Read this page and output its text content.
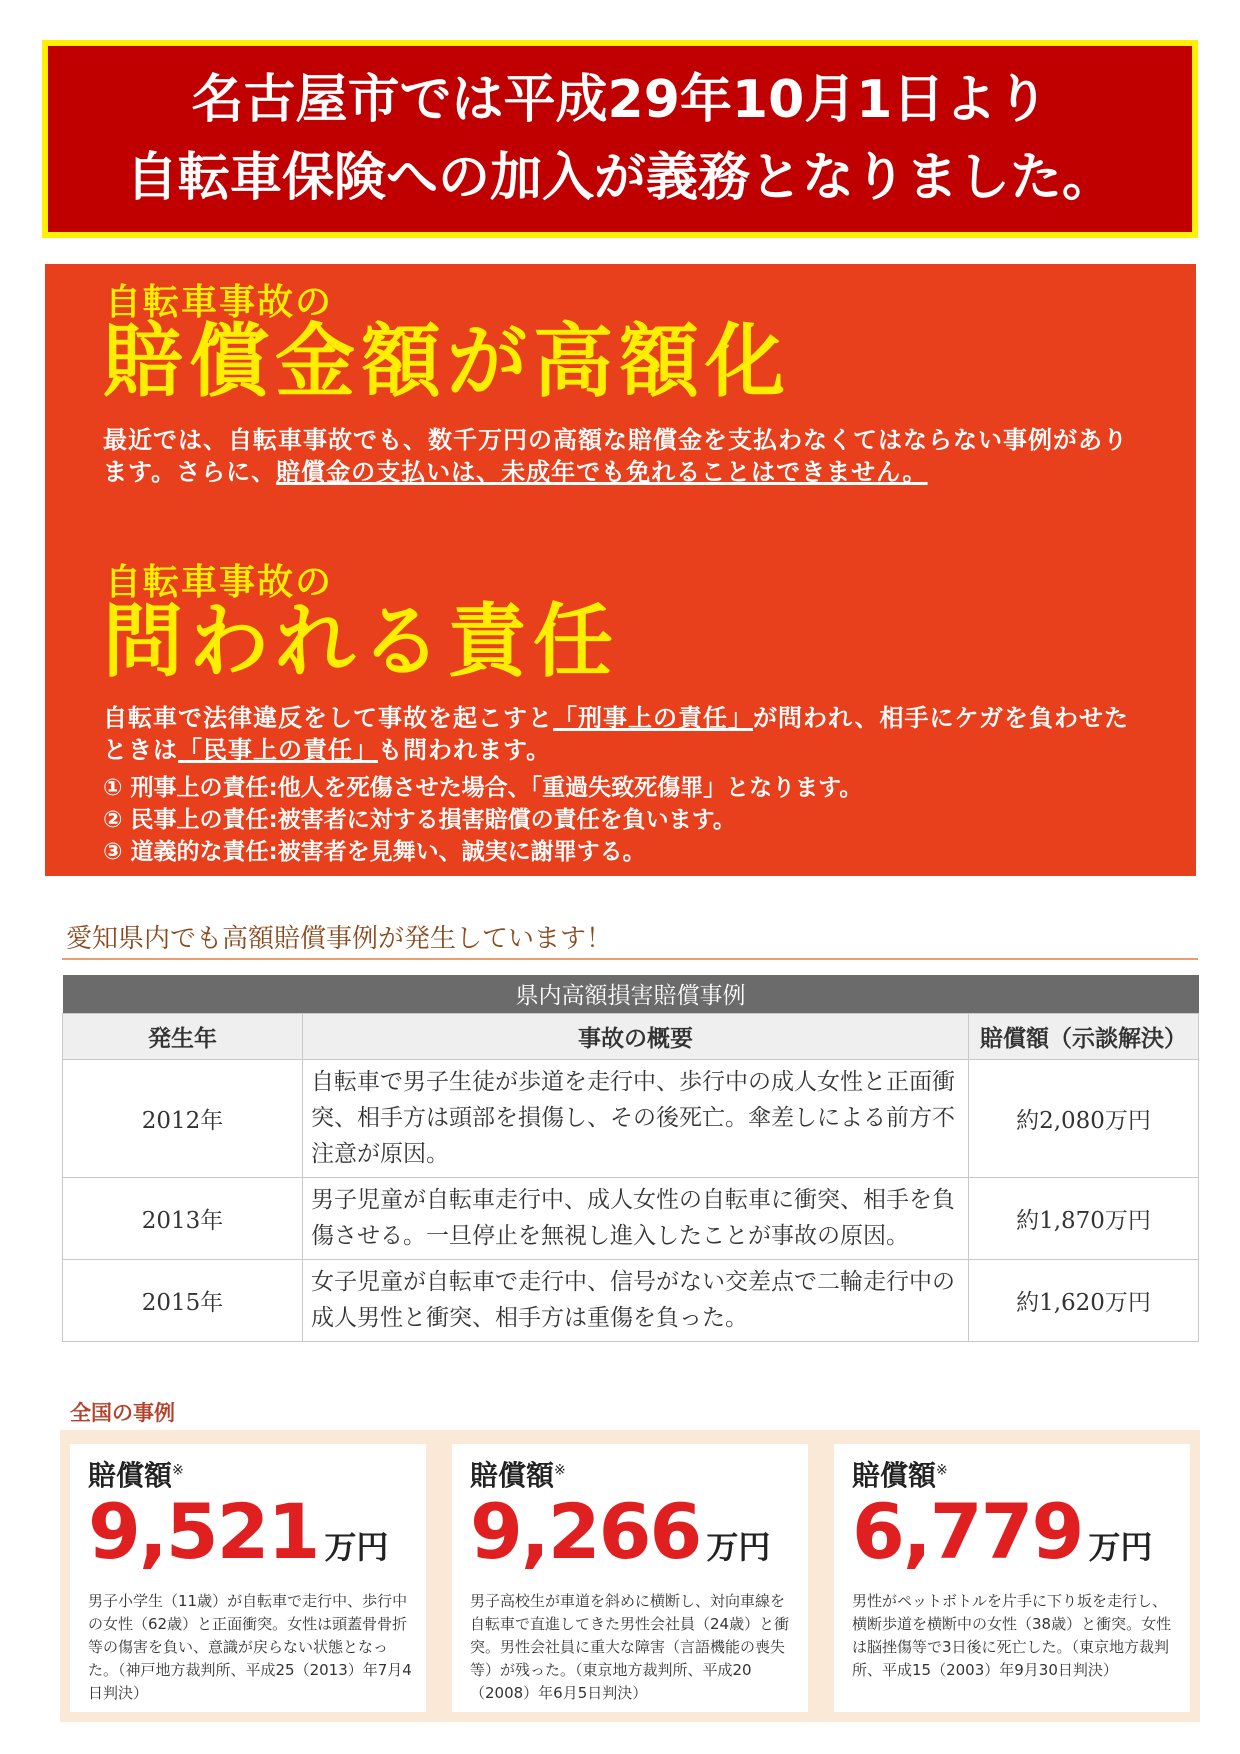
名古屋市では平成29年10月1日より
自転車保険への加入が義務となりました。
自転車事故の
賠償金額が高額化
最近では、自転車事故でも、数千万円の高額な賠償金を支払わなくてはならない事例があります。さらに、賠償金の支払いは、未成年でも免れることはできません。
自転車事故の
問われる責任
自転車で法律違反をして事故を起こすと「刑事上の責任」が問われ、相手にケガを負わせたときは「民事上の責任」も問われます。
① 刑事上の責任:他人を死傷させた場合、「重過失致死傷罪」となります。
② 民事上の責任:被害者に対する損害賠償の責任を負います。
③ 道義的な責任:被害者を見舞い、誠実に謝罪する。
愛知県内でも高額賠償事例が発生しています！
県内高額損害賠償事例		
発生年	事故の概要	賠償額（示談解決）
2012年	自転車で男子生徒が歩道を走行中、歩行中の成人女性と正面衝突、相手方は頭部を損傷し、その後死亡。傘差しによる前方不注意が原因。	約2,080万円
2013年	男子児童が自転車走行中、成人女性の自転車に衝突、相手を負傷させる。一旦停止を無視し進入したことが事故の原因。	約1,870万円
2015年	女子児童が自転車で走行中、信号がない交差点で二輪走行中の成人男性と衝突、相手方は重傷を負った。	約1,620万円
全国の事例
賠償額※
9,521 万円
男子小学生（11歳）が自転車で走行中、歩行中の女性（62歳）と正面衝突。女性は頭蓋骨骨折等の傷害を負い、意識が戻らない状態となった。（神戸地方裁判所、平成25（2013）年7月4日判決）
賠償額※
9,266 万円
男子高校生が車道を斜めに横断し、対向車線を自転車で直進してきた男性会社員（24歳）と衝突。男性会社員に重大な障害（言語機能の喪失等）が残った。（東京地方裁判所、平成20（2008）年6月5日判決）
賠償額※
6,779 万円
男性がペットボトルを片手に下り坂を走行し、横断歩道を横断中の女性（38歳）と衝突。女性は脳挫傷等で3日後に死亡した。（東京地方裁判所、平成15（2003）年9月30日判決）
